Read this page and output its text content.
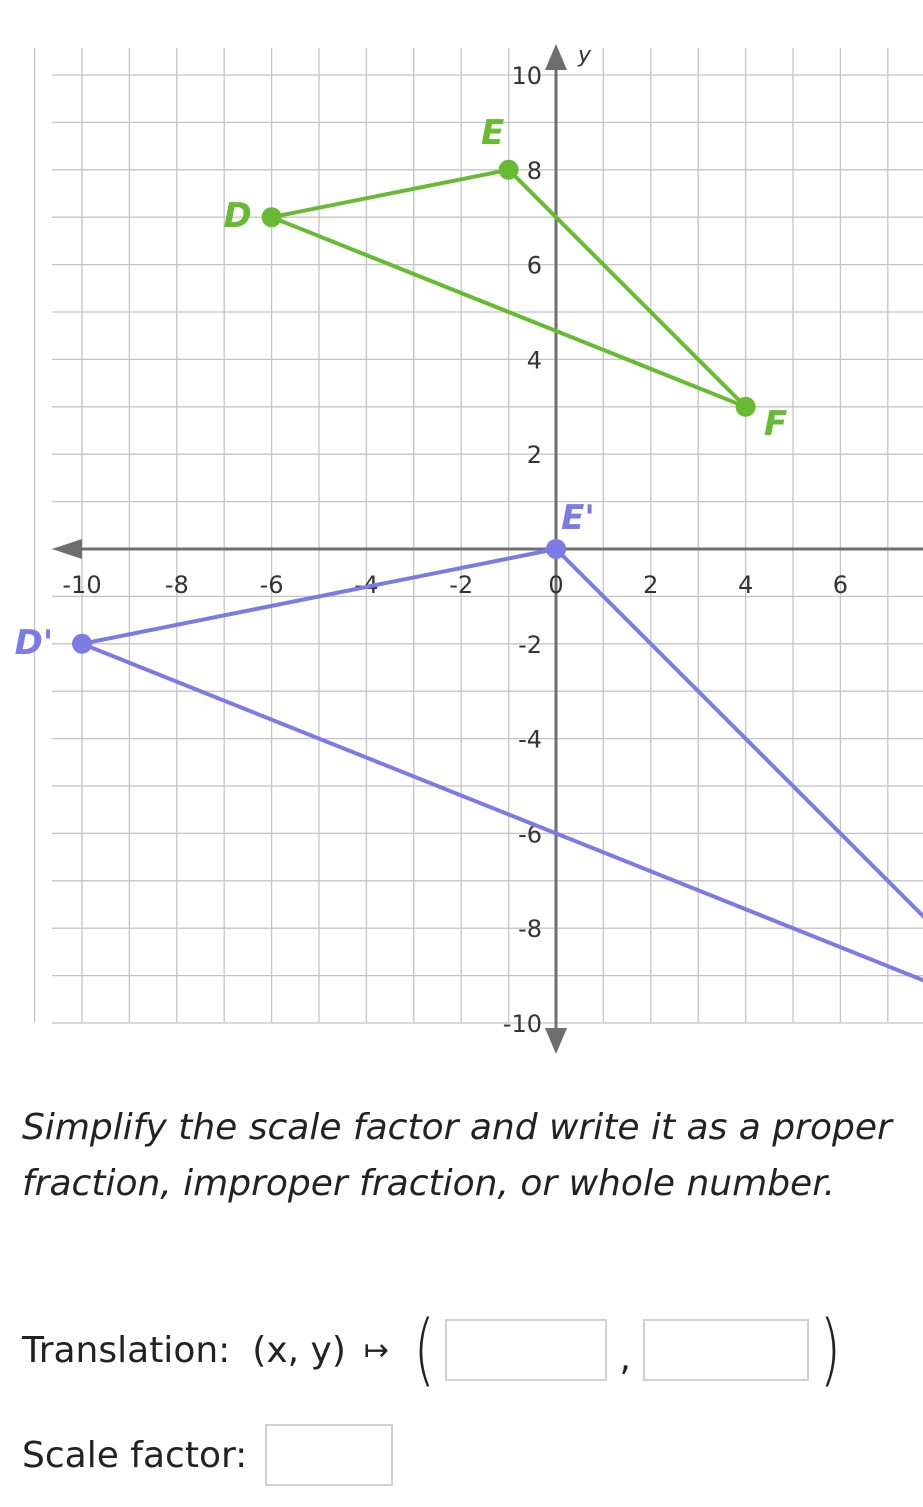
y
-10	-8	-6	-4	-2	0	2	4	6
-10
-8
-6
-4
-2
2
4
6
8
10
D
E
F
D'
E'
Simplify the scale factor and write it as a proper fraction, improper fraction, or whole number.
Translation: (x, y) ↦ (	, )
Scale factor:
